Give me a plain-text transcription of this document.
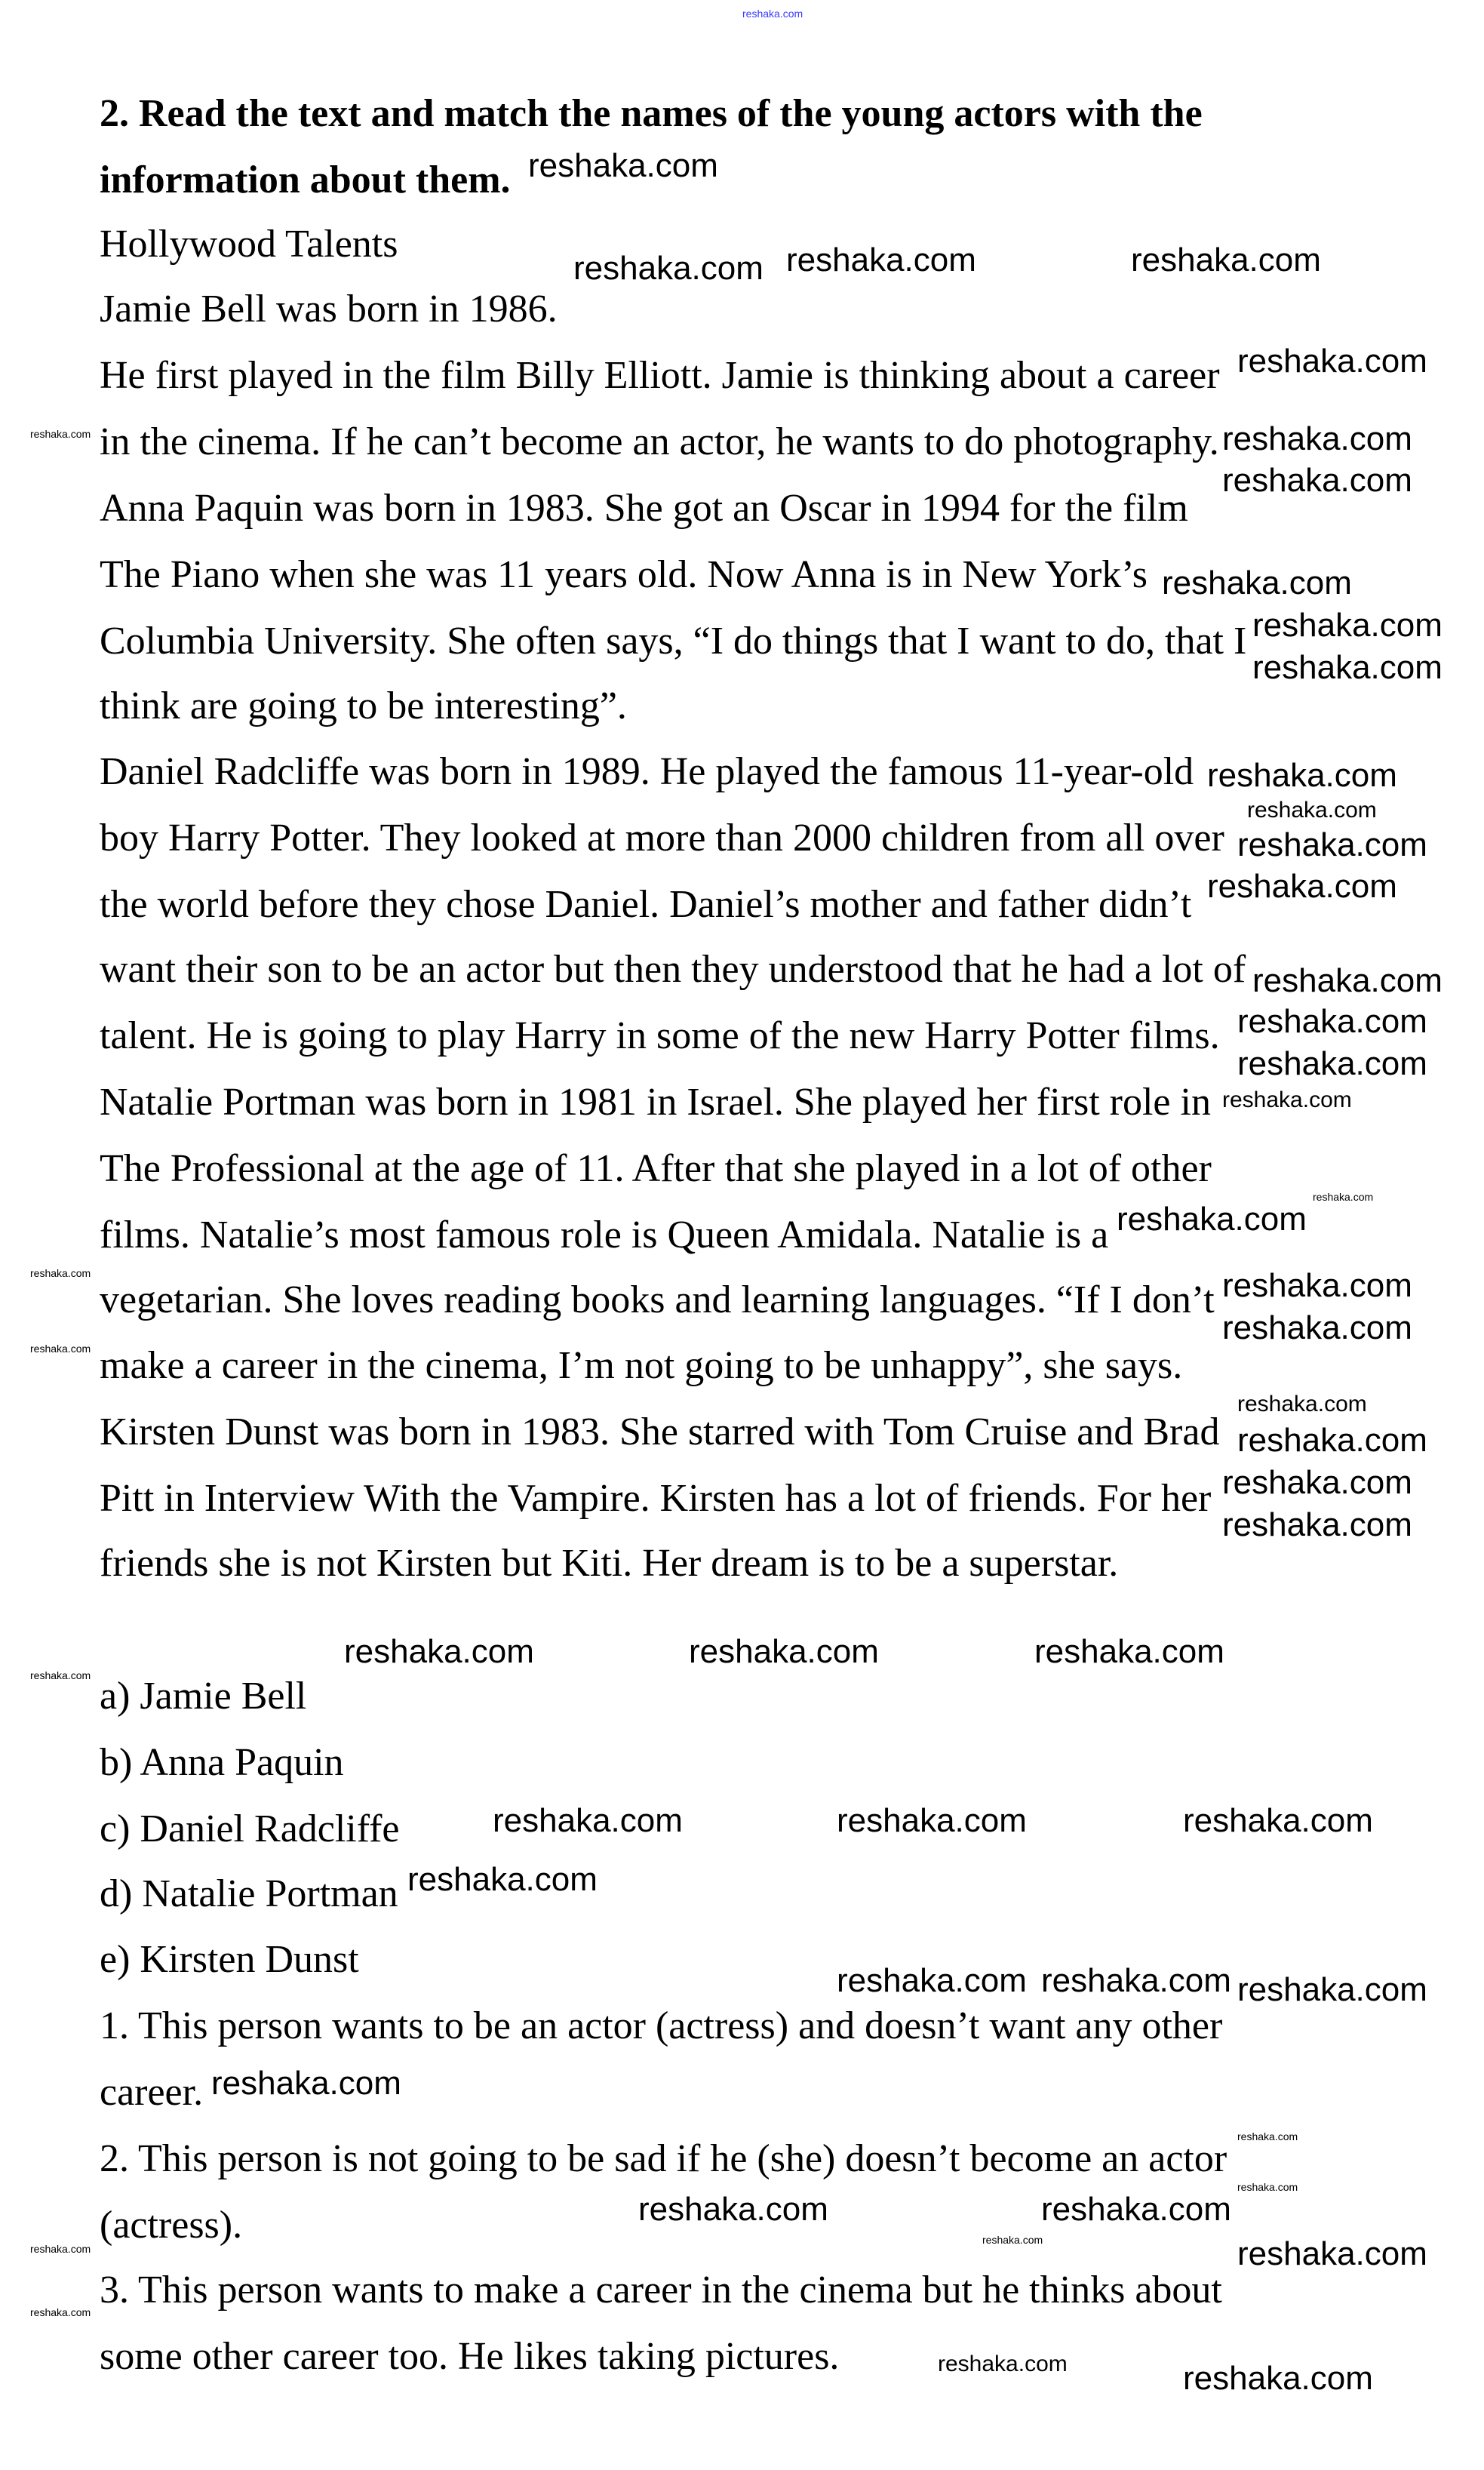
2. Read the text and match the names of the young actors with the
information about them.
Hollywood Talents
Jamie Bell was born in 1986.
He first played in the film Billy Elliott. Jamie is thinking about a career
in the cinema. If he can’t become an actor, he wants to do photography.
Anna Paquin was born in 1983. She got an Oscar in 1994 for the film
The Piano when she was 11 years old. Now Anna is in New York’s
Columbia University. She often says, “I do things that I want to do, that I
think are going to be interesting”.
Daniel Radcliffe was born in 1989. He played the famous 11-year-old
boy Harry Potter. They looked at more than 2000 children from all over
the world before they chose Daniel. Daniel’s mother and father didn’t
want their son to be an actor but then they understood that he had a lot of
talent. He is going to play Harry in some of the new Harry Potter films.
Natalie Portman was born in 1981 in Israel. She played her first role in
The Professional at the age of 11. After that she played in a lot of other
films. Natalie’s most famous role is Queen Amidala. Natalie is a
vegetarian. She loves reading books and learning languages. “If I don’t
make a career in the cinema, I’m not going to be unhappy”, she says.
Kirsten Dunst was born in 1983. She starred with Tom Cruise and Brad
Pitt in Interview With the Vampire. Kirsten has a lot of friends. For her
friends she is not Kirsten but Kiti. Her dream is to be a superstar.
a) Jamie Bell
b) Anna Paquin
c) Daniel Radcliffe
d) Natalie Portman
e) Kirsten Dunst
1. This person wants to be an actor (actress) and doesn’t want any other
career.
2. This person is not going to be sad if he (she) doesn’t become an actor
(actress).
3. This person wants to make a career in the cinema but he thinks about
some other career too. He likes taking pictures.
reshaka.com
reshaka.com
reshaka.com reshaka.com	reshaka.com
reshaka.com
reshaka.com
reshaka.com
reshaka.com
reshaka.com
reshaka.com
reshaka.com
reshaka.com
reshaka.com
reshaka.com
reshaka.com
reshaka.com
reshaka.com
reshaka.com
reshaka.com
reshaka.com
reshaka.com
reshaka.com
reshaka.com
reshaka.com
reshaka.com
reshaka.com
reshaka.com
reshaka.com
reshaka.com
reshaka.com	reshaka.com	reshaka.com
reshaka.com
reshaka.com	reshaka.com	reshaka.com
reshaka.com
reshaka.com
reshaka.com reshaka.com
reshaka.com
reshaka.com
reshaka.com
reshaka.com
reshaka.com
reshaka.com
reshaka.com
reshaka.com
reshaka.com
reshaka.com	reshaka.com
